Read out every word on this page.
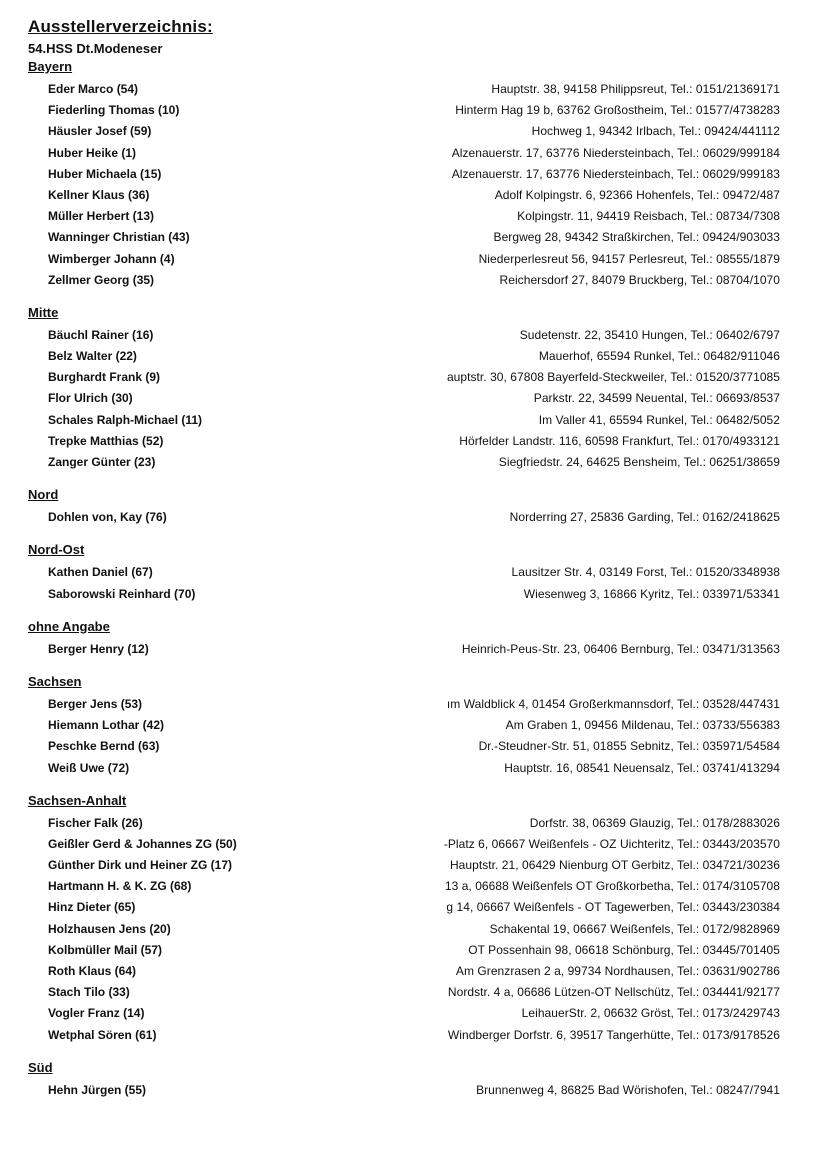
Ausstellerverzeichnis:
54.HSS Dt.Modeneser
Bayern
Eder Marco (54)	Hauptstr. 38, 94158 Philippsreut, Tel.: 0151/21369171
Fiederling Thomas (10)	Hinterm Hag 19 b, 63762 Großostheim, Tel.: 01577/4738283
Häusler Josef (59)	Hochweg 1, 94342 Irlbach, Tel.: 09424/441112
Huber Heike (1)	Alzenauerstr. 17, 63776 Niedersteinbach, Tel.: 06029/999184
Huber Michaela (15)	Alzenauerstr. 17, 63776 Niedersteinbach, Tel.: 06029/999183
Kellner Klaus (36)	Adolf Kolpingstr. 6, 92366 Hohenfels, Tel.: 09472/487
Müller Herbert (13)	Kolpingstr. 11, 94419 Reisbach, Tel.: 08734/7308
Wanninger Christian (43)	Bergweg 28, 94342 Straßkirchen, Tel.: 09424/903033
Wimberger Johann (4)	Niederperlesreut 56, 94157 Perlesreut, Tel.: 08555/1879
Zellmer Georg (35)	Reichersdorf 27, 84079 Bruckberg, Tel.: 08704/1070
Mitte
Bäuchl Rainer (16)	Sudetenstr. 22, 35410 Hungen, Tel.: 06402/6797
Belz Walter (22)	Mauerhof, 65594 Runkel, Tel.: 06482/911046
Burghardt Frank (9)	auptstr. 30, 67808 Bayerfeld-Steckweiler, Tel.: 01520/3771085
Flor Ulrich (30)	Parkstr. 22, 34599 Neuental, Tel.: 06693/8537
Schales Ralph-Michael (11)	Im Valler 41, 65594 Runkel, Tel.: 06482/5052
Trepke Matthias (52)	Hörfelder Landstr. 116, 60598 Frankfurt, Tel.: 0170/4933121
Zanger Günter (23)	Siegfriedstr. 24, 64625 Bensheim, Tel.: 06251/38659
Nord
Dohlen von, Kay (76)	Norderring 27, 25836 Garding, Tel.: 0162/2418625
Nord-Ost
Kathen Daniel (67)	Lausitzer Str. 4, 03149 Forst, Tel.: 01520/3348938
Saborowski Reinhard (70)	Wiesenweg 3, 16866 Kyritz, Tel.: 033971/53341
ohne Angabe
Berger Henry (12)	Heinrich-Peus-Str. 23, 06406 Bernburg, Tel.: 03471/313563
Sachsen
Berger Jens (53)	ım Waldblick 4, 01454 Großerkmannsdorf, Tel.: 03528/447431
Hiemann Lothar (42)	Am Graben 1, 09456 Mildenau, Tel.: 03733/556383
Peschke Bernd (63)	Dr.-Steudner-Str. 51, 01855 Sebnitz, Tel.: 035971/54584
Weiß Uwe (72)	Hauptstr. 16, 08541 Neuensalz, Tel.: 03741/413294
Sachsen-Anhalt
Fischer Falk (26)	Dorfstr. 38, 06369 Glauzig, Tel.: 0178/2883026
Geißler Gerd & Johannes ZG (50)	-Platz 6, 06667 Weißenfels - OZ Uichteritz, Tel.: 03443/203570
Günther Dirk und Heiner ZG (17)	Hauptstr. 21, 06429 Nienburg OT Gerbitz, Tel.: 034721/30236
Hartmann H. & K. ZG (68)	13 a, 06688 Weißenfels OT Großkorbetha, Tel.: 0174/3105708
Hinz Dieter (65)	g 14, 06667 Weißenfels - OT Tagewerben, Tel.: 03443/230384
Holzhausen Jens (20)	Schakental 19, 06667 Weißenfels, Tel.: 0172/9828969
Kolbmüller Mail (57)	OT Possenhain 98, 06618 Schönburg, Tel.: 03445/701405
Roth Klaus (64)	Am Grenzrasen 2 a, 99734 Nordhausen, Tel.: 03631/902786
Stach Tilo (33)	Nordstr. 4 a, 06686 Lützen-OT Nellschütz, Tel.: 034441/92177
Vogler Franz (14)	LeihauerStr. 2, 06632 Gröst, Tel.: 0173/2429743
Wetphal Sören (61)	Windberger Dorfstr. 6, 39517 Tangerhütte, Tel.: 0173/9178526
Süd
Hehn Jürgen (55)	Brunnenweg 4, 86825 Bad Wörishofen, Tel.: 08247/7941
